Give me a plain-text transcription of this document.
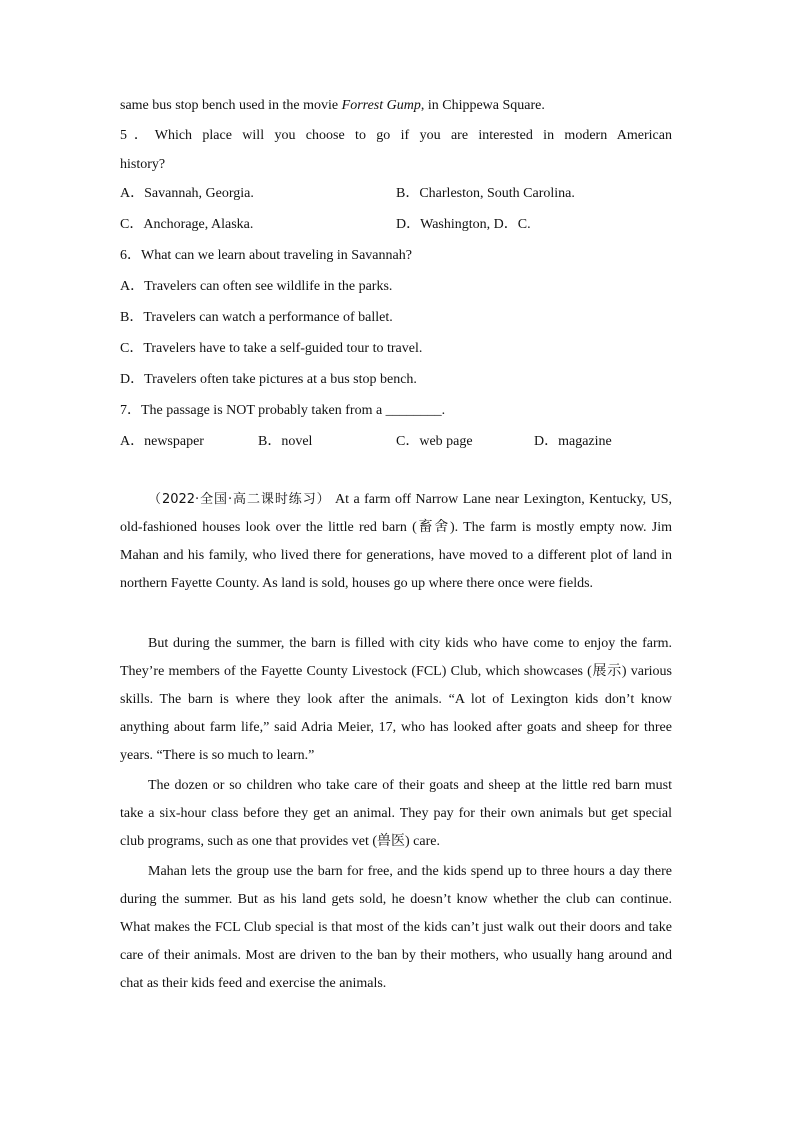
same bus stop bench used in the movie Forrest Gump, in Chippewa Square.
5．Which place will you choose to go if you are interested in modern American
history?
A．Savannah, Georgia.	B．Charleston, South Carolina.
C．Anchorage, Alaska.	D．Washington, D．C.
6．What can we learn about traveling in Savannah?
A．Travelers can often see wildlife in the parks.
B．Travelers can watch a performance of ballet.
C．Travelers have to take a self-guided tour to travel.
D．Travelers often take pictures at a bus stop bench.
7．The passage is NOT probably taken from a ________.
A．newspaper	B．novel	C．web page	D．magazine
（2022·全国·高二课时练习） At a farm off Narrow Lane near Lexington, Kentucky, US, old-fashioned houses look over the little red barn (畜舍). The farm is mostly empty now. Jim Mahan and his family, who lived there for generations, have moved to a different plot of land in northern Fayette County. As land is sold, houses go up where there once were fields.
But during the summer, the barn is filled with city kids who have come to enjoy the farm. They’re members of the Fayette County Livestock (FCL) Club, which showcases (展示) various skills. The barn is where they look after the animals. “A lot of Lexington kids don’t know anything about farm life,” said Adria Meier, 17, who has looked after goats and sheep for three years. “There is so much to learn.”
The dozen or so children who take care of their goats and sheep at the little red barn must take a six-hour class before they get an animal. They pay for their own animals but get special club programs, such as one that provides vet (兽医) care.
Mahan lets the group use the barn for free, and the kids spend up to three hours a day there during the summer. But as his land gets sold, he doesn’t know whether the club can continue. What makes the FCL Club special is that most of the kids can’t just walk out their doors and take care of their animals. Most are driven to the ban by their mothers, who usually hang around and chat as their kids feed and exercise the animals.
